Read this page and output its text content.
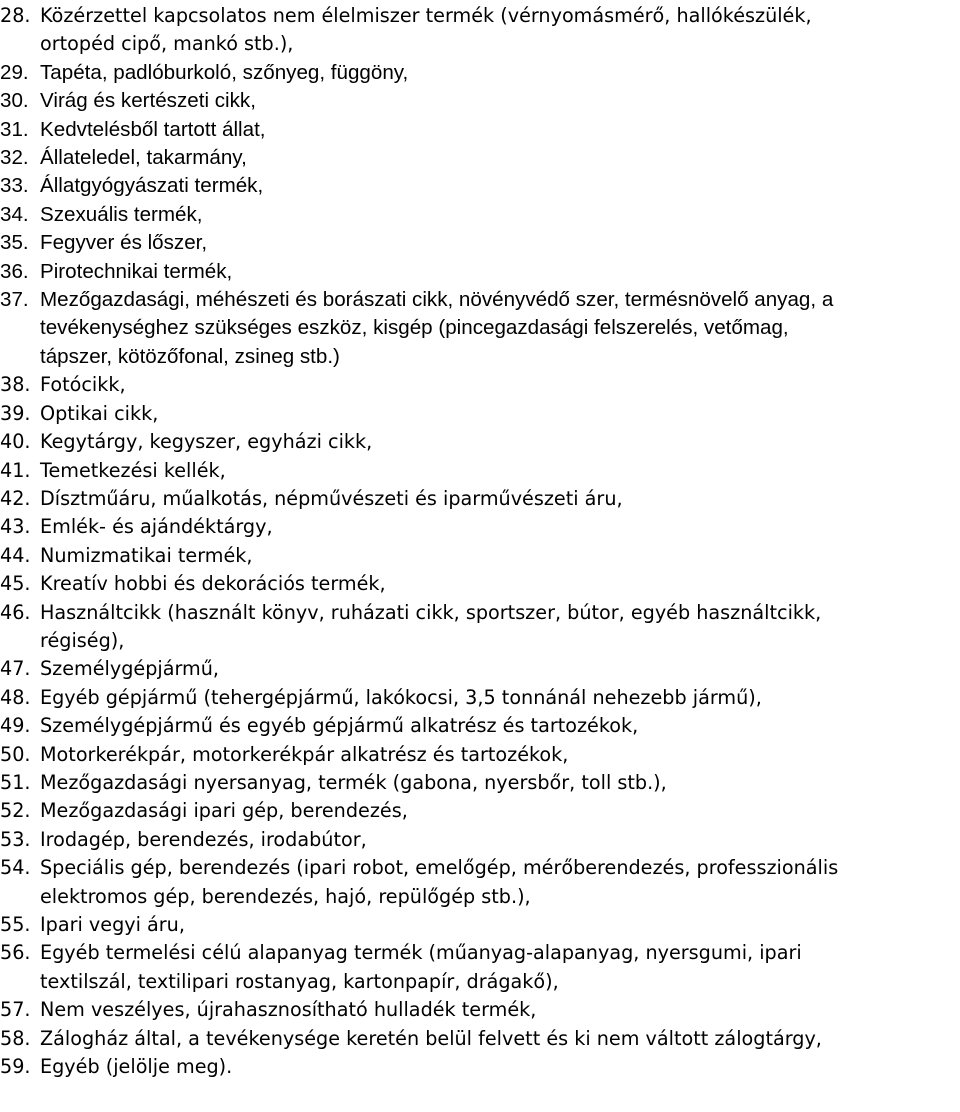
28. Közérzettel kapcsolatos nem élelmiszer termék (vérnyomásmérő, hallókészülék,
ortopéd cipő, mankó stb.),
29. Tapéta, padlóburkoló, szőnyeg, függöny,
30. Virág és kertészeti cikk,
31. Kedvtelésből tartott állat,
32. Állateledel, takarmány,
33. Állatgyógyászati termék,
34. Szexuális termék,
35. Fegyver és lőszer,
36. Pirotechnikai termék,
37. Mezőgazdasági, méhészeti és borászati cikk, növényvédő szer, termésnövelő anyag, a
tevékenységhez szükséges eszköz, kisgép (pincegazdasági felszerelés, vetőmag,
tápszer, kötözőfonal, zsineg stb.)
38. Fotócikk,
39. Optikai cikk,
40. Kegytárgy, kegyszer, egyházi cikk,
41. Temetkezési kellék,
42. Dísztműáru, műalkotás, népművészeti és iparművészeti áru,
43. Emlék- és ajándéktárgy,
44. Numizmatikai termék,
45. Kreatív hobbi és dekorációs termék,
46. Használtcikk (használt könyv, ruházati cikk, sportszer, bútor, egyéb használtcikk,
régiség),
47. Személygépjármű,
48. Egyéb gépjármű (tehergépjármű, lakókocsi, 3,5 tonnánál nehezebb jármű),
49. Személygépjármű és egyéb gépjármű alkatrész és tartozékok,
50. Motorkerékpár, motorkerékpár alkatrész és tartozékok,
51. Mezőgazdasági nyersanyag, termék (gabona, nyersbőr, toll stb.),
52. Mezőgazdasági ipari gép, berendezés,
53. Irodagép, berendezés, irodabútor,
54. Speciális gép, berendezés (ipari robot, emelőgép, mérőberendezés, professzionális
elektromos gép, berendezés, hajó, repülőgép stb.),
55. Ipari vegyi áru,
56. Egyéb termelési célú alapanyag termék (műanyag-alapanyag, nyersgumi, ipari
textilszál, textilipari rostanyag, kartonpapír, drágakő),
57. Nem veszélyes, újrahasznosítható hulladék termék,
58. Zálogház által, a tevékenysége keretén belül felvett és ki nem váltott zálogtárgy,
59. Egyéb (jelölje meg).
